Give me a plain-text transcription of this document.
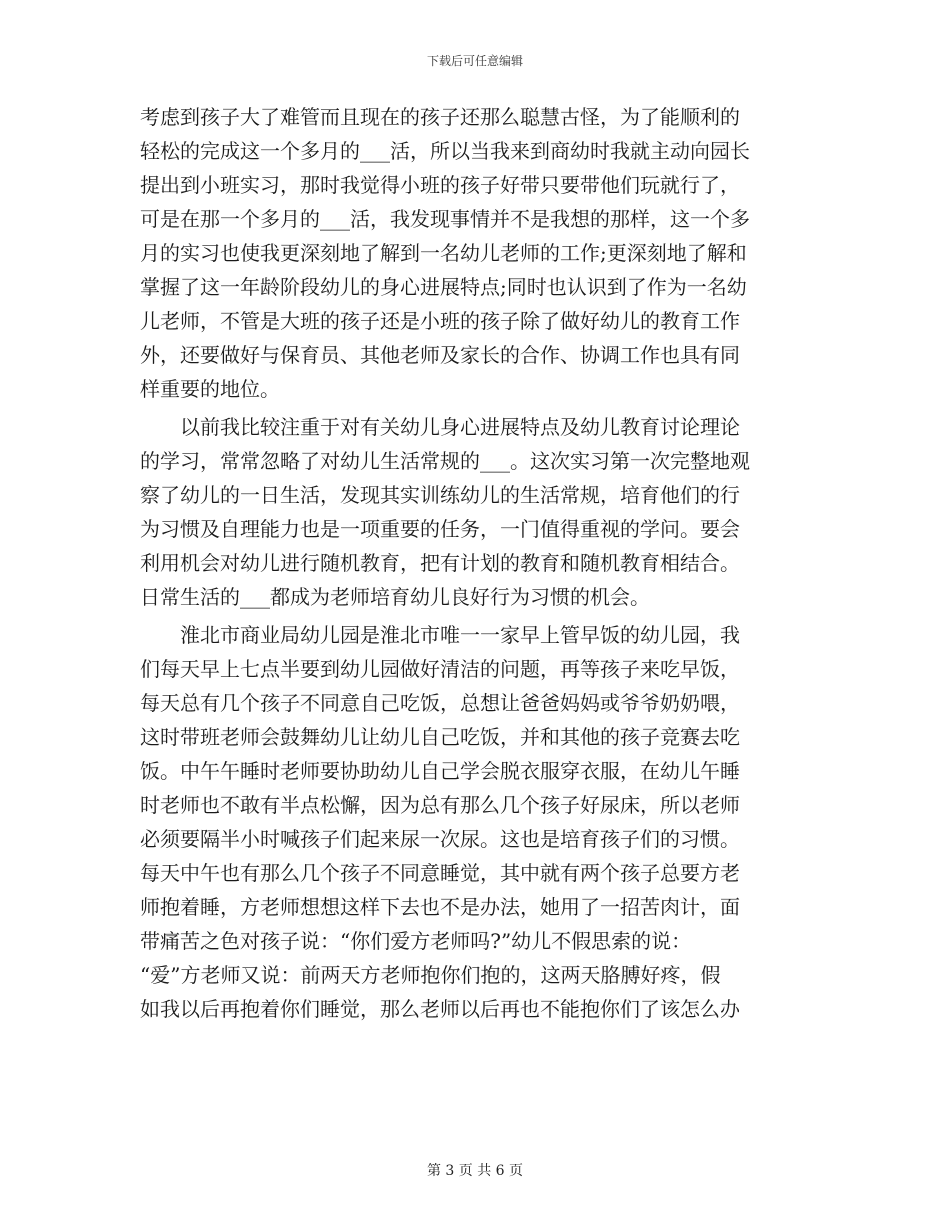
下载后可任意编辑
考虑到孩子大了难管而且现在的孩子还那么聪慧古怪，为了能顺利的
轻松的完成这一个多月的___活，所以当我来到商幼时我就主动向园长
提出到小班实习，那时我觉得小班的孩子好带只要带他们玩就行了，
可是在那一个多月的___活，我发现事情并不是我想的那样，这一个多
月的实习也使我更深刻地了解到一名幼儿老师的工作;更深刻地了解和
掌握了这一年龄阶段幼儿的身心进展特点;同时也认识到了作为一名幼
儿老师，不管是大班的孩子还是小班的孩子除了做好幼儿的教育工作
外，还要做好与保育员、其他老师及家长的合作、协调工作也具有同
样重要的地位。
　　以前我比较注重于对有关幼儿身心进展特点及幼儿教育讨论理论
的学习，常常忽略了对幼儿生活常规的___。这次实习第一次完整地观
察了幼儿的一日生活，发现其实训练幼儿的生活常规，培育他们的行
为习惯及自理能力也是一项重要的任务，一门值得重视的学问。要会
利用机会对幼儿进行随机教育，把有计划的教育和随机教育相结合。
日常生活的___都成为老师培育幼儿良好行为习惯的机会。
　　淮北市商业局幼儿园是淮北市唯一一家早上管早饭的幼儿园，我
们每天早上七点半要到幼儿园做好清洁的问题，再等孩子来吃早饭，
每天总有几个孩子不同意自己吃饭，总想让爸爸妈妈或爷爷奶奶喂，
这时带班老师会鼓舞幼儿让幼儿自己吃饭，并和其他的孩子竞赛去吃
饭。中午午睡时老师要协助幼儿自己学会脱衣服穿衣服，在幼儿午睡
时老师也不敢有半点松懈，因为总有那么几个孩子好尿床，所以老师
必须要隔半小时喊孩子们起来尿一次尿。这也是培育孩子们的习惯。
每天中午也有那么几个孩子不同意睡觉，其中就有两个孩子总要方老
师抱着睡，方老师想想这样下去也不是办法，她用了一招苦肉计，面
带痛苦之色对孩子说：“你们爱方老师吗?”幼儿不假思索的说：
“爱”方老师又说：前两天方老师抱你们抱的，这两天胳膊好疼，假
如我以后再抱着你们睡觉，那么老师以后再也不能抱你们了该怎么办
第 3 页 共 6 页
